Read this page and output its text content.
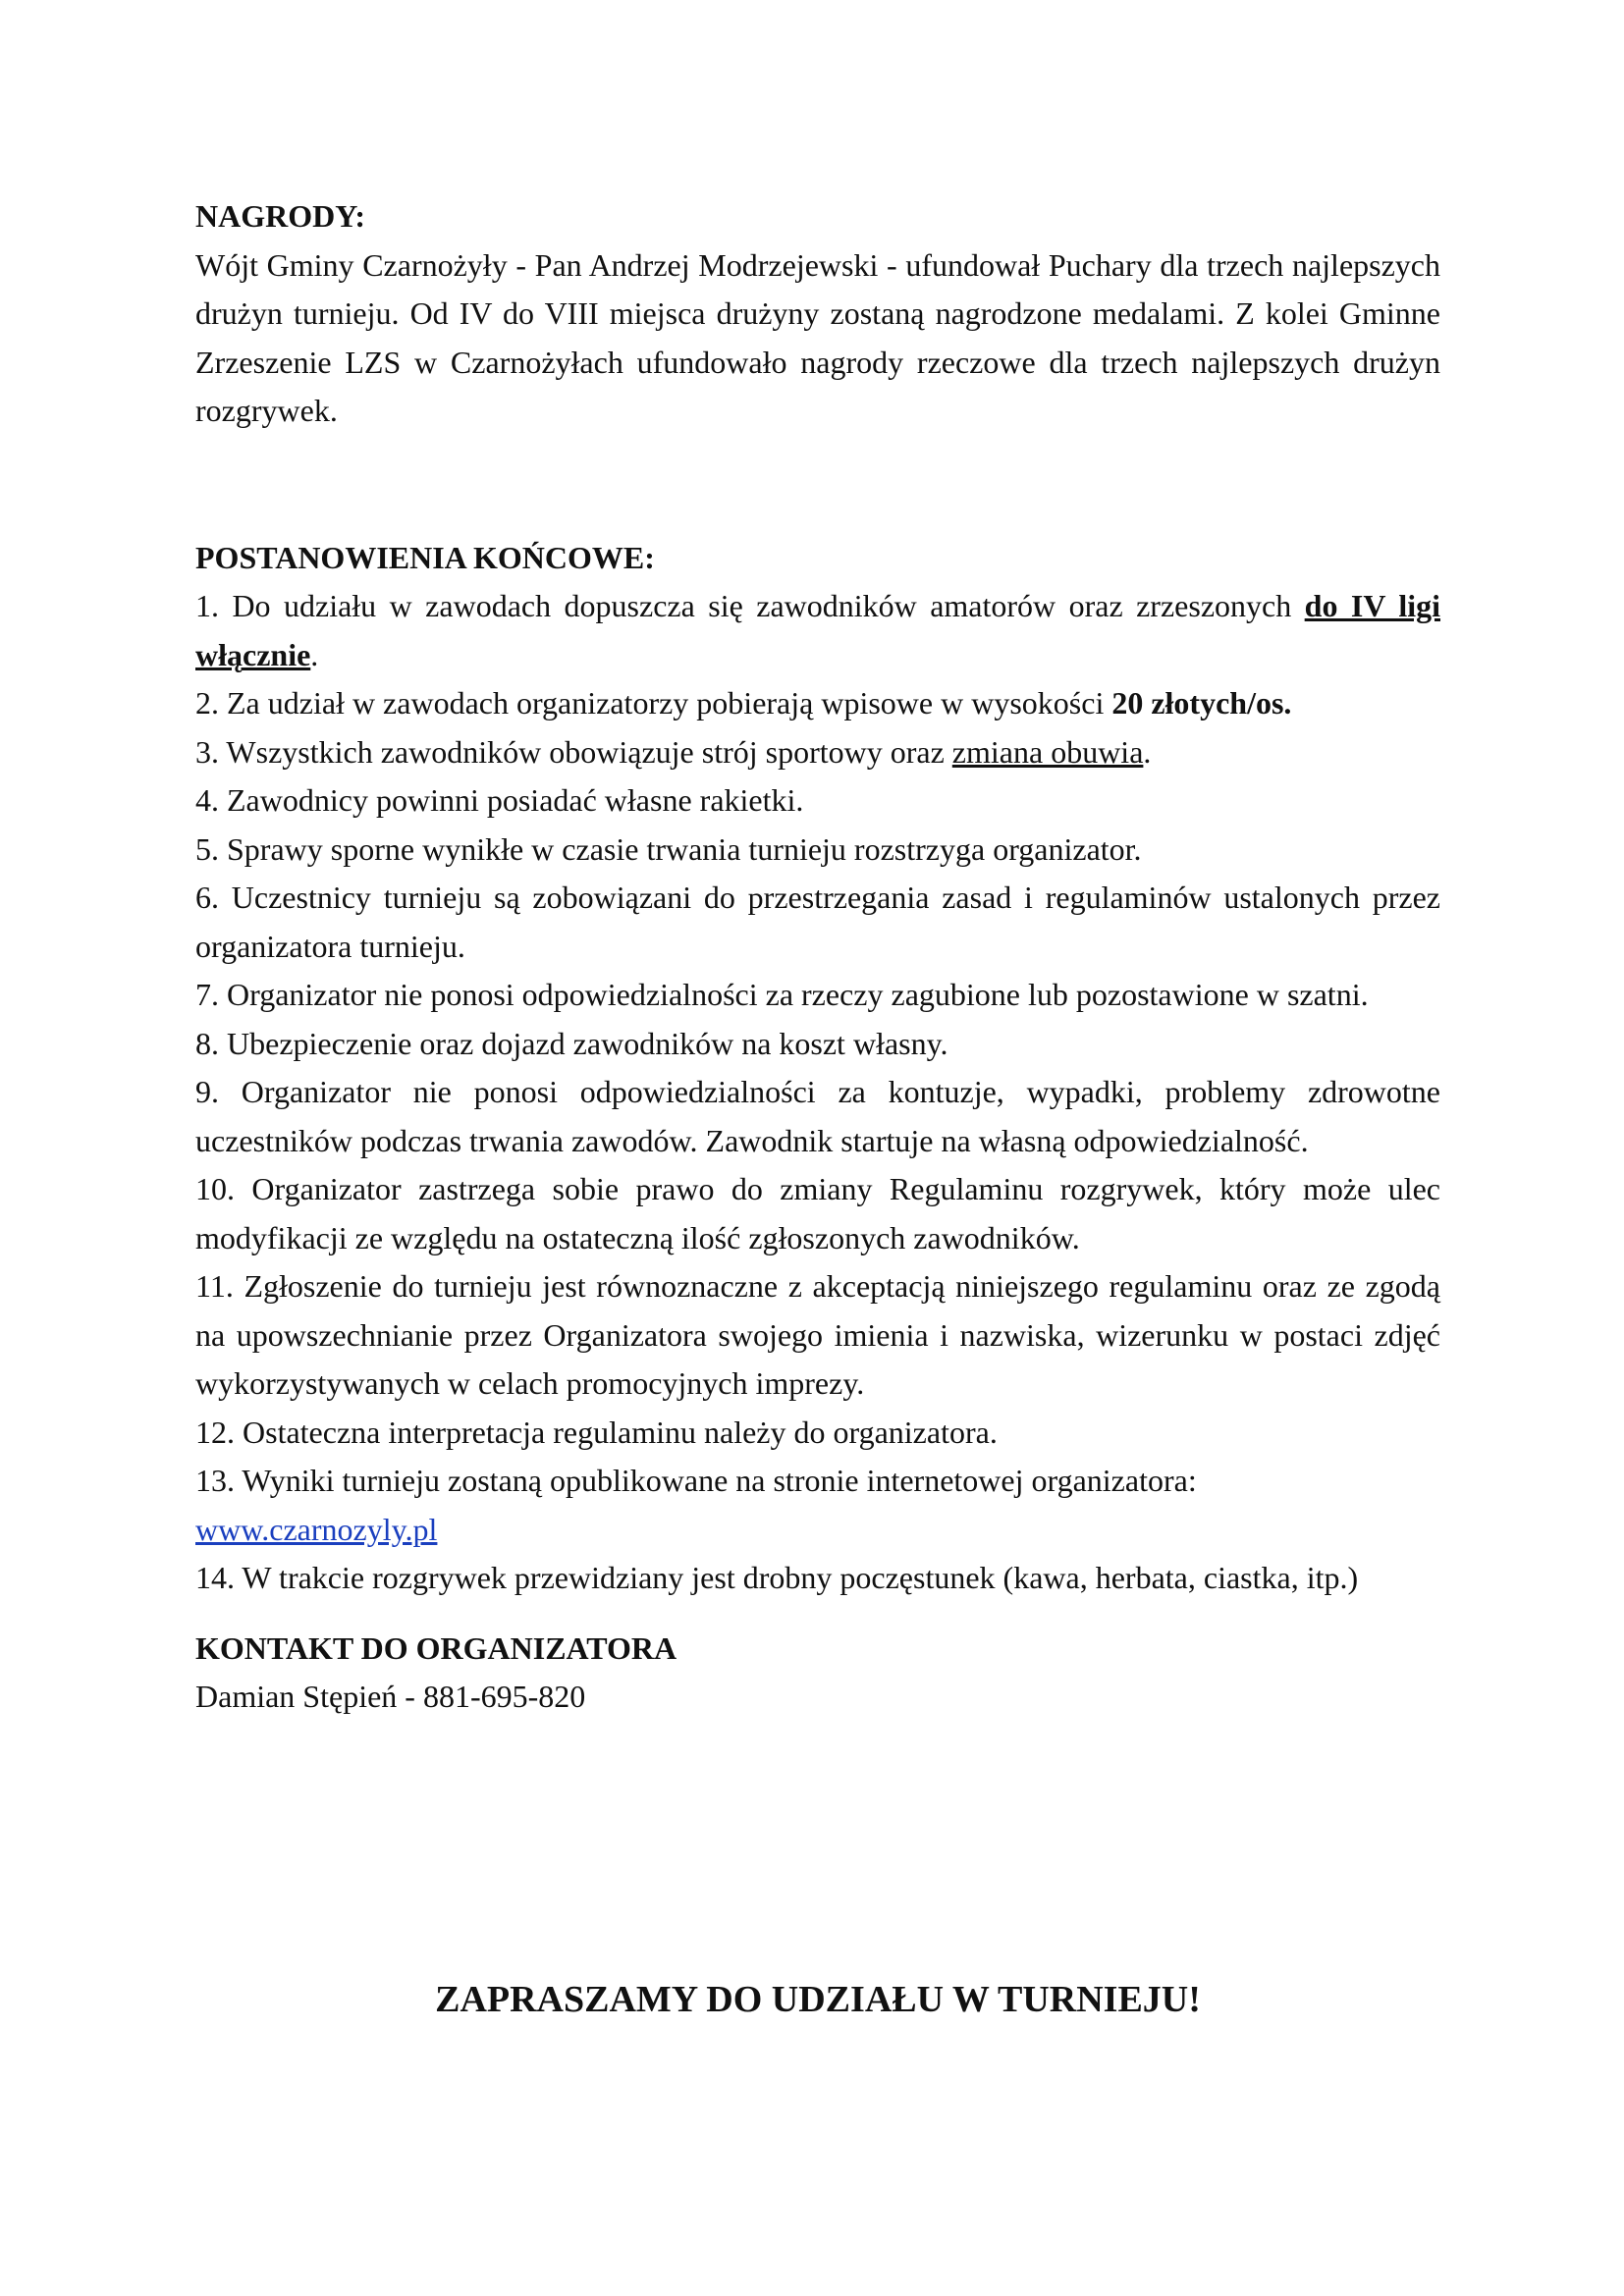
NAGRODY:

Wójt Gminy Czarnożyły - Pan Andrzej Modrzejewski - ufundował Puchary dla trzech najlepszych drużyn turnieju. Od IV do VIII miejsca drużyny zostaną nagrodzone medalami. Z kolei Gminne Zrzeszenie LZS w Czarnożyłach ufundowało nagrody rzeczowe dla trzech najlepszych drużyn rozgrywek.

POSTANOWIENIA KOŃCOWE:

1. Do udziału w zawodach dopuszcza się zawodników amatorów oraz zrzeszonych do IV ligi włącznie.

2. Za udział w zawodach organizatorzy pobierają wpisowe w wysokości 20 złotych/os.

3. Wszystkich zawodników obowiązuje strój sportowy oraz zmiana obuwia.

4. Zawodnicy powinni posiadać własne rakietki.

5. Sprawy sporne wynikłe w czasie trwania turnieju rozstrzyga organizator.

6. Uczestnicy turnieju są zobowiązani do przestrzegania zasad i regulaminów ustalonych przez organizatora turnieju.

7. Organizator nie ponosi odpowiedzialności za rzeczy zagubione lub pozostawione w szatni.

8. Ubezpieczenie oraz dojazd zawodników na koszt własny.

9. Organizator nie ponosi odpowiedzialności za kontuzje, wypadki, problemy zdrowotne uczestników podczas trwania zawodów. Zawodnik startuje na własną odpowiedzialność.

10. Organizator zastrzega sobie prawo do zmiany Regulaminu rozgrywek, który może ulec modyfikacji ze względu na ostateczną ilość zgłoszonych zawodników.

11. Zgłoszenie do turnieju jest równoznaczne z akceptacją niniejszego regulaminu oraz ze zgodą na upowszechnianie przez Organizatora swojego imienia i nazwiska, wizerunku w postaci zdjęć wykorzystywanych w celach promocyjnych imprezy.

12. Ostateczna interpretacja regulaminu należy do organizatora.

13. Wyniki turnieju zostaną opublikowane na stronie internetowej organizatora:
www.czarnozyly.pl

14. W trakcie rozgrywek przewidziany jest drobny poczęstunek (kawa, herbata, ciastka, itp.)

KONTAKT DO ORGANIZATORA

Damian Stępień - 881-695-820

ZAPRASZAMY DO UDZIAŁU W TURNIEJU!
